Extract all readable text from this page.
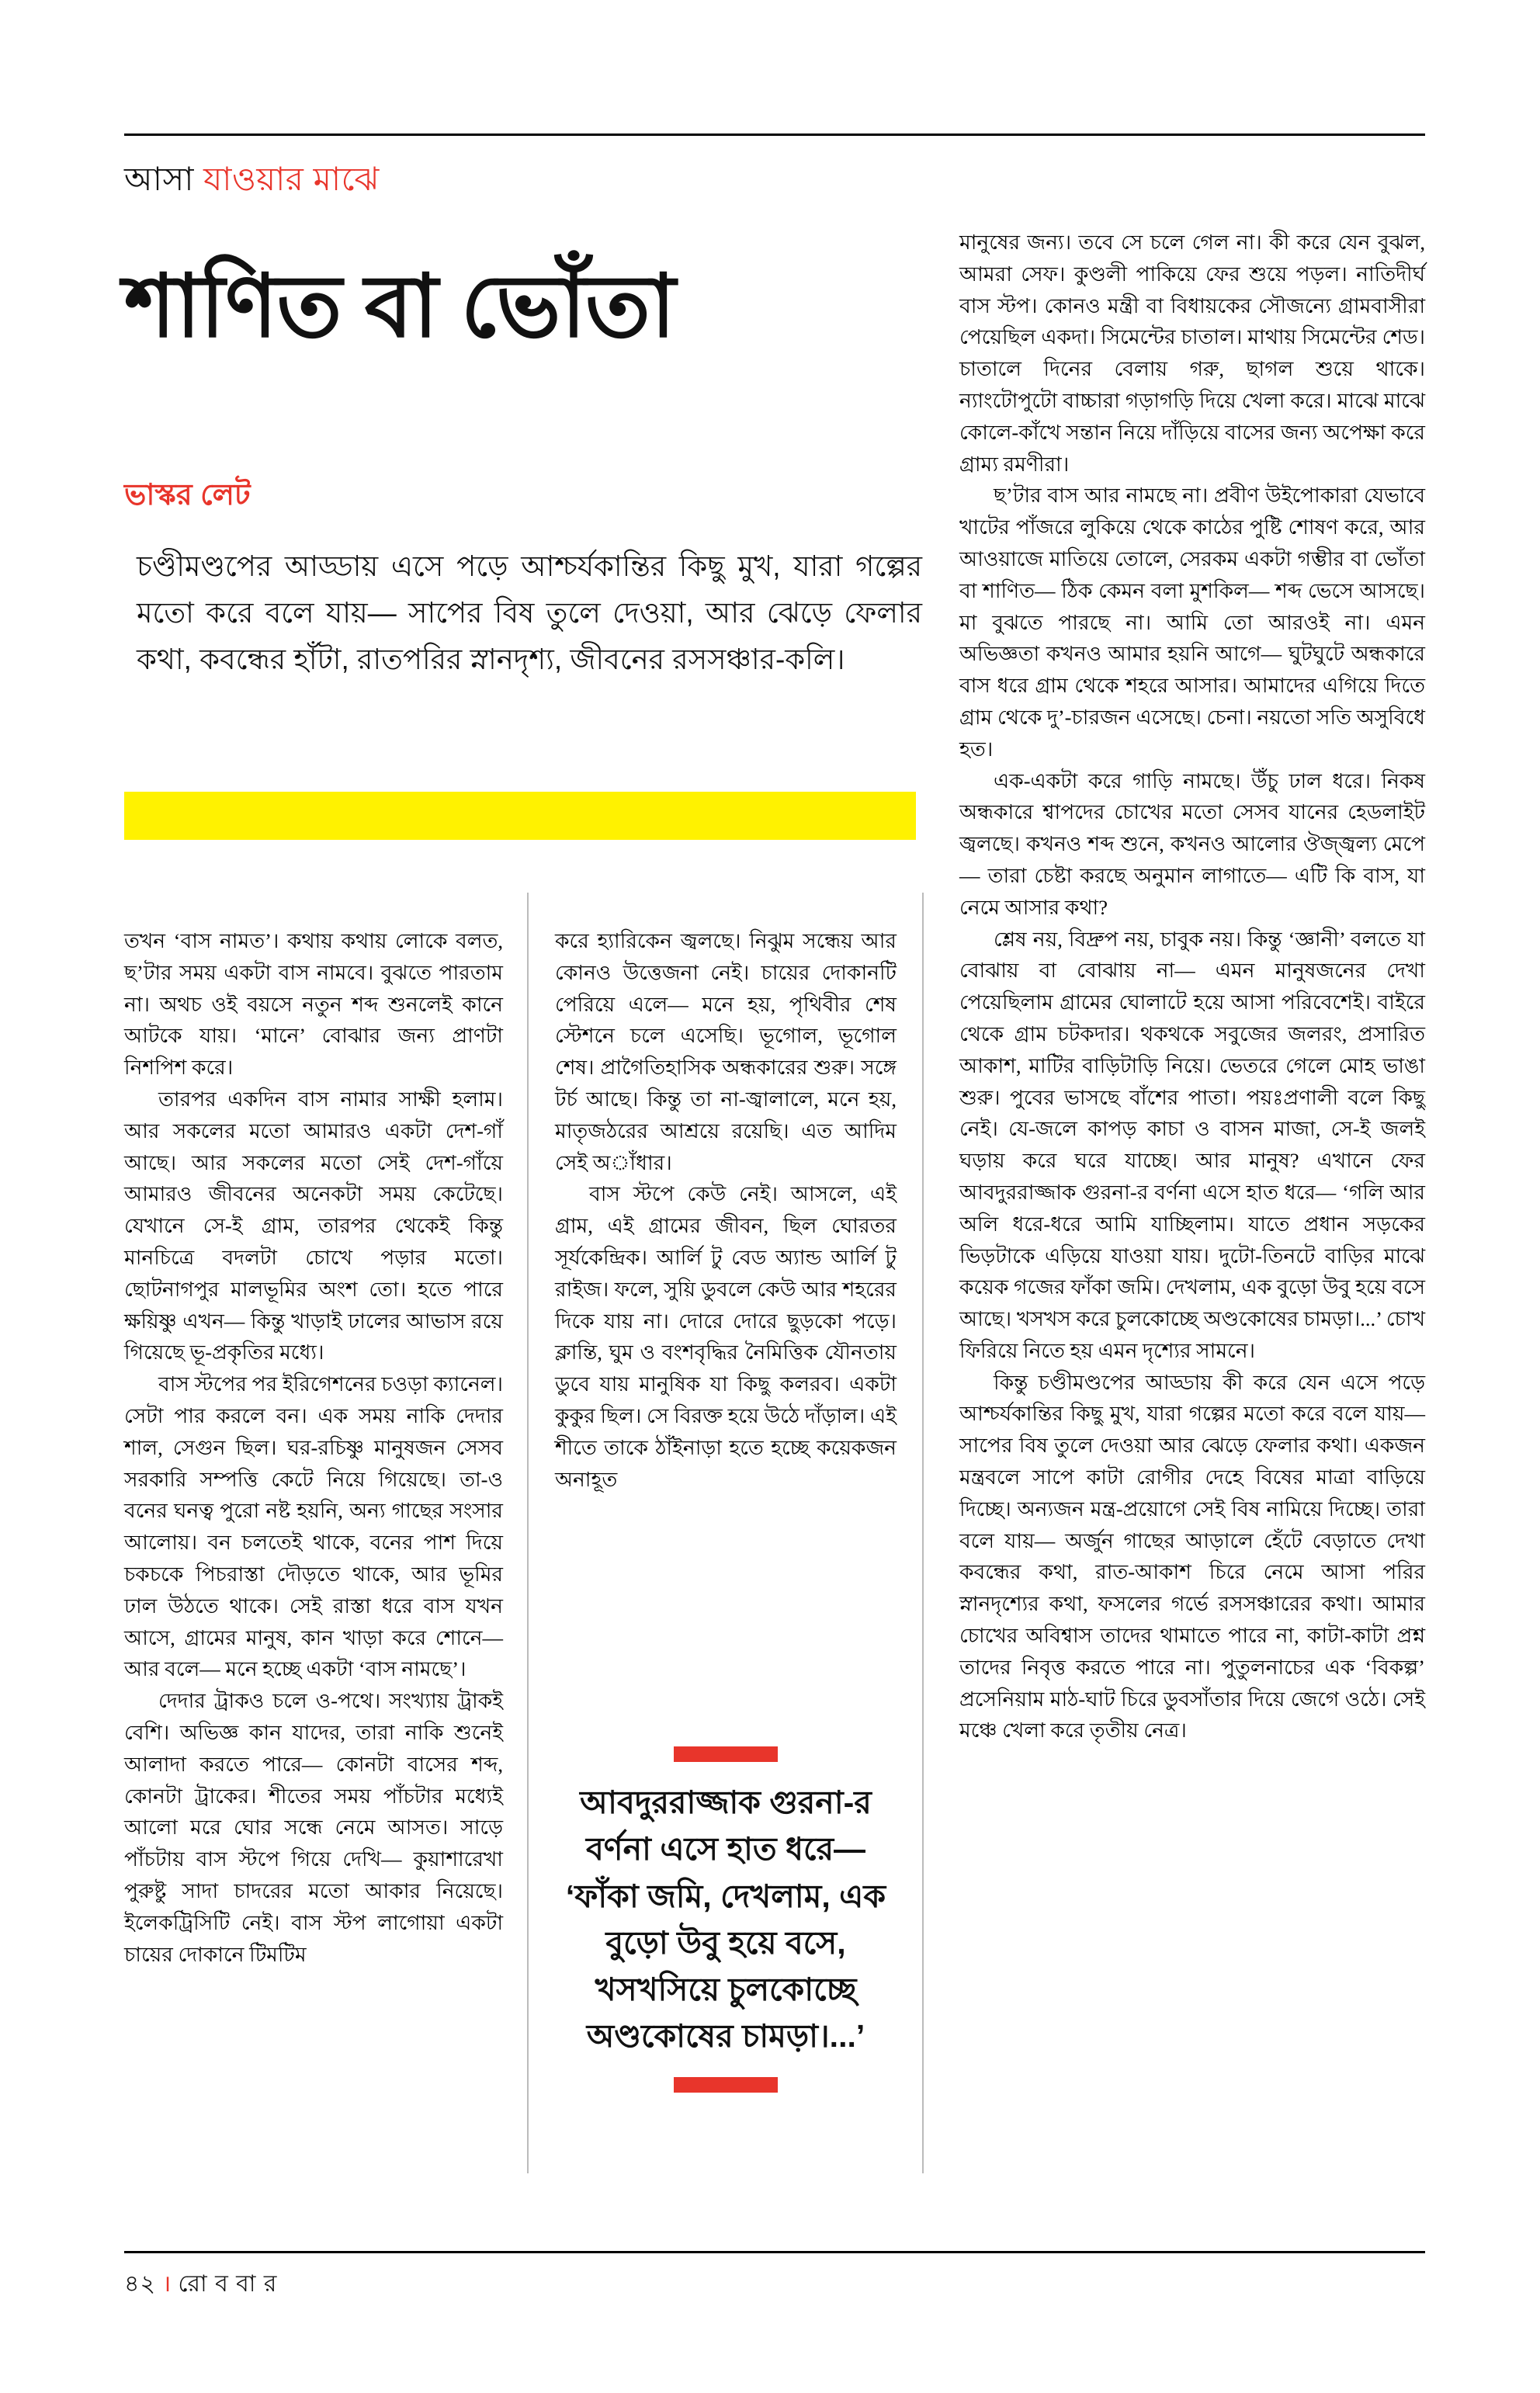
আসা যাওয়ার মাঝে
শাণিত বা ভোঁতা
ভাস্কর লেট
চণ্ডীমণ্ডপের আড্ডায় এসে পড়ে আশ্চর্যকান্তির কিছু মুখ, যারা গল্পের মতো করে বলে যায়— সাপের বিষ তুলে দেওয়া, আর ঝেড়ে ফেলার কথা, কবন্ধের হাঁটা, রাতপরির স্নানদৃশ্য, জীবনের রসসঞ্চার-কলি।

তখন ‘বাস নামত’। কথায় কথায় লোকে বলত, ছ’টার সময় একটা বাস নামবে। বুঝতে পারতাম না। অথচ ওই বয়সে নতুন শব্দ শুনলেই কানে আটকে যায়। ‘মানে’ বোঝার জন্য প্রাণটা নিশপিশ করে।

তারপর একদিন বাস নামার সাক্ষী হলাম। আর সকলের মতো আমারও একটা দেশ-গাঁ আছে। আর সকলের মতো সেই দেশ-গাঁয়ে আমারও জীবনের অনেকটা সময় কেটেছে। যেখানে সে-ই গ্রাম, তারপর থেকেই কিন্তু মানচিত্রে বদলটা চোখে পড়ার মতো। ছোটনাগপুর মালভূমির অংশ তো। হতে পারে ক্ষয়িষ্ণু এখন— কিন্তু খাড়াই ঢালের আভাস রয়ে গিয়েছে ভূ-প্রকৃতির মধ্যে।

বাস স্টপের পর ইরিগেশনের চওড়া ক্যানেল। সেটা পার করলে বন। এক সময় নাকি দেদার শাল, সেগুন ছিল। ঘর-রচিষ্ণু মানুষজন সেসব সরকারি সম্পত্তি কেটে নিয়ে গিয়েছে। তা-ও বনের ঘনত্ব পুরো নষ্ট হয়নি, অন্য গাছের সংসার আলোয়। বন চলতেই থাকে, বনের পাশ দিয়ে চকচকে পিচরাস্তা দৌড়তে থাকে, আর ভূমির ঢাল উঠতে থাকে। সেই রাস্তা ধরে বাস যখন আসে, গ্রামের মানুষ, কান খাড়া করে শোনে— আর বলে— মনে হচ্ছে একটা ‘বাস নামছে’।

দেদার ট্রাকও চলে ও-পথে। সংখ্যায় ট্রাকই বেশি। অভিজ্ঞ কান যাদের, তারা নাকি শুনেই আলাদা করতে পারে— কোনটা বাসের শব্দ, কোনটা ট্রাকের। শীতের সময় পাঁচটার মধ্যেই আলো মরে ঘোর সন্ধে নেমে আসত। সাড়ে পাঁচটায় বাস স্টপে গিয়ে দেখি— কুয়াশারেখা পুরুষ্টু সাদা চাদরের মতো আকার নিয়েছে। ইলেকট্রিসিটি নেই। বাস স্টপ লাগোয়া একটা চায়ের দোকানে টিমটিম

করে হ্যারিকেন জ্বলছে। নিঝুম সন্ধেয় আর কোনও উত্তেজনা নেই। চায়ের দোকানটি পেরিয়ে এলে— মনে হয়, পৃথিবীর শেষ স্টেশনে চলে এসেছি। ভূগোল, ভূগোল শেষ। প্রাগৈতিহাসিক অন্ধকারের শুরু। সঙ্গে টর্চ আছে। কিন্তু তা না-জ্বালালে, মনে হয়, মাতৃজঠরের আশ্রয়ে রয়েছি। এত আদিম সেই অাঁধার।

বাস স্টপে কেউ নেই। আসলে, এই গ্রাম, এই গ্রামের জীবন, ছিল ঘোরতর সূর্যকেন্দ্রিক। আর্লি টু বেড অ্যান্ড আর্লি টু রাইজ। ফলে, সুয়ি ডুবলে কেউ আর শহরের দিকে যায় না। দোরে দোরে ছুড়কো পড়ে। ক্লান্তি, ঘুম ও বংশবৃদ্ধির নৈমিত্তিক যৌনতায় ডুবে যায় মানুষিক যা কিছু কলরব। একটা কুকুর ছিল। সে বিরক্ত হয়ে উঠে দাঁড়াল। এই শীতে তাকে ঠাঁইনাড়া হতে হচ্ছে কয়েকজন অনাহূত

মানুষের জন্য। তবে সে চলে গেল না। কী করে যেন বুঝল, আমরা সেফ। কুণ্ডলী পাকিয়ে ফের শুয়ে পড়ল। নাতিদীর্ঘ বাস স্টপ। কোনও মন্ত্রী বা বিধায়কের সৌজন্যে গ্রামবাসীরা পেয়েছিল একদা। সিমেন্টের চাতাল। মাথায় সিমেন্টের শেড। চাতালে দিনের বেলায় গরু, ছাগল শুয়ে থাকে। ন্যাংটোপুটো বাচ্চারা গড়াগড়ি দিয়ে খেলা করে। মাঝে মাঝে কোলে-কাঁখে সন্তান নিয়ে দাঁড়িয়ে বাসের জন্য অপেক্ষা করে গ্রাম্য রমণীরা।

ছ’টার বাস আর নামছে না। প্রবীণ উইপোকারা যেভাবে খাটের পাঁজরে লুকিয়ে থেকে কাঠের পুষ্টি শোষণ করে, আর আওয়াজে মাতিয়ে তোলে, সেরকম একটা গম্ভীর বা ভোঁতা বা শাণিত— ঠিক কেমন বলা মুশকিল— শব্দ ভেসে আসছে। মা বুঝতে পারছে না। আমি তো আরওই না। এমন অভিজ্ঞতা কখনও আমার হয়নি আগে— ঘুটঘুটে অন্ধকারে বাস ধরে গ্রাম থেকে শহরে আসার। আমাদের এগিয়ে দিতে গ্রাম থেকে দু’-চারজন এসেছে। চেনা। নয়তো সতি অসুবিধে হত।

এক-একটা করে গাড়ি নামছে। উঁচু ঢাল ধরে। নিকষ অন্ধকারে শ্বাপদের চোখের মতো সেসব যানের হেডলাইট জ্বলছে। কখনও শব্দ শুনে, কখনও আলোর ঔজ্জ্বল্য মেপে— তারা চেষ্টা করছে অনুমান লাগাতে— এটি কি বাস, যা নেমে আসার কথা?

শ্লেষ নয়, বিদ্রুপ নয়, চাবুক নয়। কিন্তু ‘জ্ঞানী’ বলতে যা বোঝায় বা বোঝায় না— এমন মানুষজনের দেখা পেয়েছিলাম গ্রামের ঘোলাটে হয়ে আসা পরিবেশেই। বাইরে থেকে গ্রাম চটকদার। থকথকে সবুজের জলরং, প্রসারিত আকাশ, মাটির বাড়িটাড়ি নিয়ে। ভেতরে গেলে মোহ ভাঙা শুরু। পুবের ভাসছে বাঁশের পাতা। পয়ঃপ্রণালী বলে কিছু নেই। যে-জলে কাপড় কাচা ও বাসন মাজা, সে-ই জলই ঘড়ায় করে ঘরে যাচ্ছে। আর মানুষ? এখানে ফের আবদুররাজ্জাক গুরনা-র বর্ণনা এসে হাত ধরে— ‘গলি আর অলি ধরে-ধরে আমি যাচ্ছিলাম। যাতে প্রধান সড়কের ভিড়টাকে এড়িয়ে যাওয়া যায়। দুটো-তিনটে বাড়ির মাঝে কয়েক গজের ফাঁকা জমি। দেখলাম, এক বুড়ো উবু হয়ে বসে আছে। খসখস করে চুলকোচ্ছে অণ্ডকোষের চামড়া।...’ চোখ ফিরিয়ে নিতে হয় এমন দৃশ্যের সামনে।

কিন্তু চণ্ডীমণ্ডপের আড্ডায় কী করে যেন এসে পড়ে আশ্চর্যকান্তির কিছু মুখ, যারা গল্পের মতো করে বলে যায়— সাপের বিষ তুলে দেওয়া আর ঝেড়ে ফেলার কথা। একজন মন্ত্রবলে সাপে কাটা রোগীর দেহে বিষের মাত্রা বাড়িয়ে দিচ্ছে। অন্যজন মন্ত্র-প্রয়োগে সেই বিষ নামিয়ে দিচ্ছে। তারা বলে যায়— অর্জুন গাছের আড়ালে হেঁটে বেড়াতে দেখা কবন্ধের কথা, রাত-আকাশ চিরে নেমে আসা পরির স্নানদৃশ্যের কথা, ফসলের গর্ভে রসসঞ্চারের কথা। আমার চোখের অবিশ্বাস তাদের থামাতে পারে না, কাটা-কাটা প্রশ্ন তাদের নিবৃত্ত করতে পারে না। পুতুলনাচের এক ‘বিকল্প’ প্রসেনিয়াম মাঠ-ঘাট চিরে ডুবসাঁতার দিয়ে জেগে ওঠে। সেই মঞ্চে খেলা করে তৃতীয় নেত্র।

আবদুররাজ্জাক গুরনা-র বর্ণনা এসে হাত ধরে— ‘ফাঁকা জমি, দেখলাম, এক বুড়ো উবু হয়ে বসে, খসখসিয়ে চুলকোচ্ছে অণ্ডকোষের চামড়া।...’
৪২ । রো ব বা র
